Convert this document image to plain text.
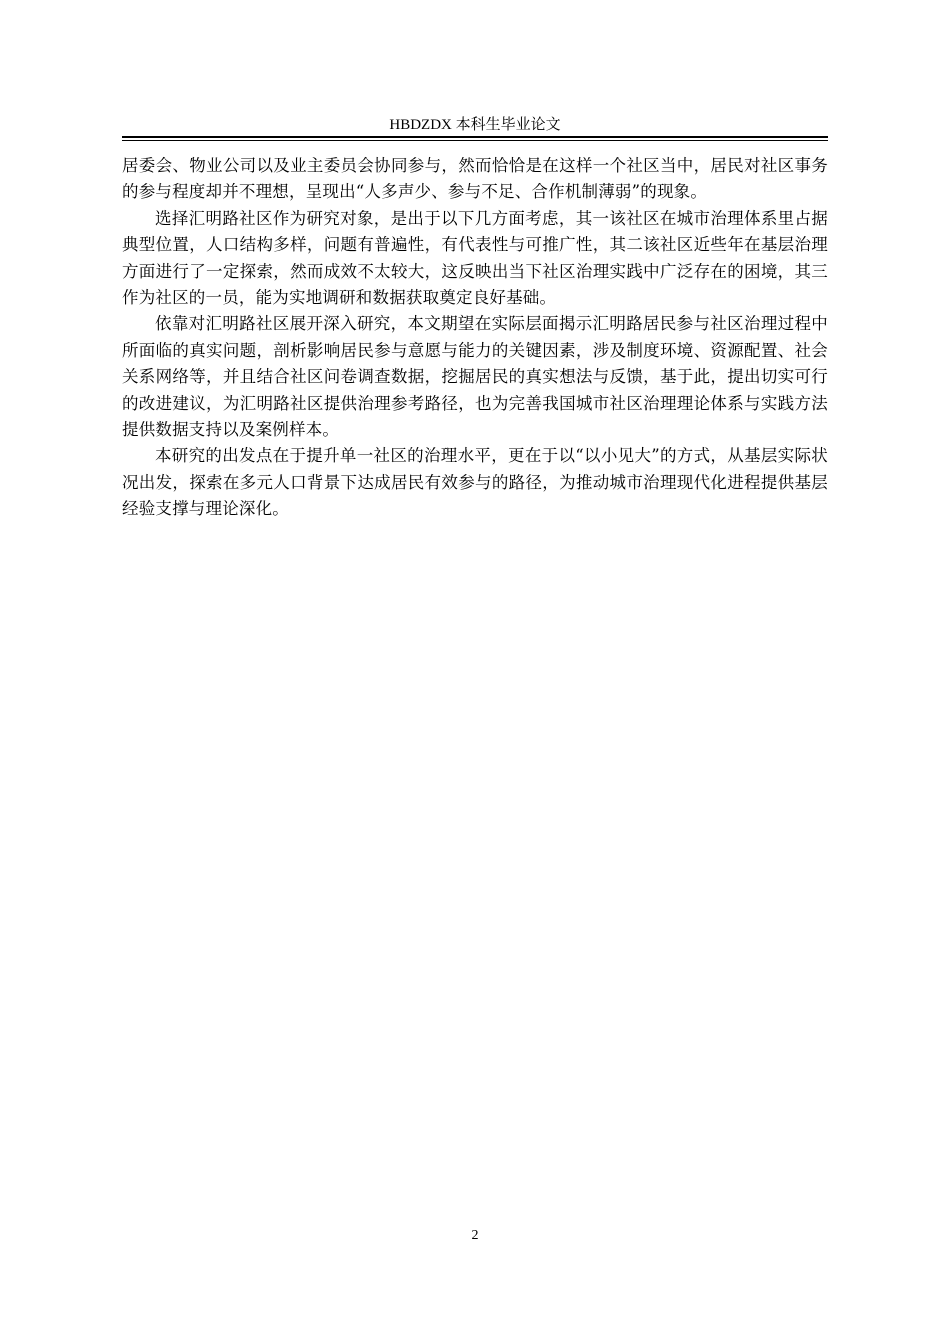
HBDZDX 本科生毕业论文

居委会、物业公司以及业主委员会协同参与，然而恰恰是在这样一个社区当中，居民对社区事务的参与程度却并不理想，呈现出“人多声少、参与不足、合作机制薄弱”的现象。

选择汇明路社区作为研究对象，是出于以下几方面考虑，其一该社区在城市治理体系里占据典型位置，人口结构多样，问题有普遍性，有代表性与可推广性，其二该社区近些年在基层治理方面进行了一定探索，然而成效不太较大，这反映出当下社区治理实践中广泛存在的困境，其三作为社区的一员，能为实地调研和数据获取奠定良好基础。

依靠对汇明路社区展开深入研究，本文期望在实际层面揭示汇明路居民参与社区治理过程中所面临的真实问题，剖析影响居民参与意愿与能力的关键因素，涉及制度环境、资源配置、社会关系网络等，并且结合社区问卷调查数据，挖掘居民的真实想法与反馈，基于此，提出切实可行的改进建议，为汇明路社区提供治理参考路径，也为完善我国城市社区治理理论体系与实践方法提供数据支持以及案例样本。

本研究的出发点在于提升单一社区的治理水平，更在于以“以小见大”的方式，从基层实际状况出发，探索在多元人口背景下达成居民有效参与的路径，为推动城市治理现代化进程提供基层经验支撑与理论深化。

2
